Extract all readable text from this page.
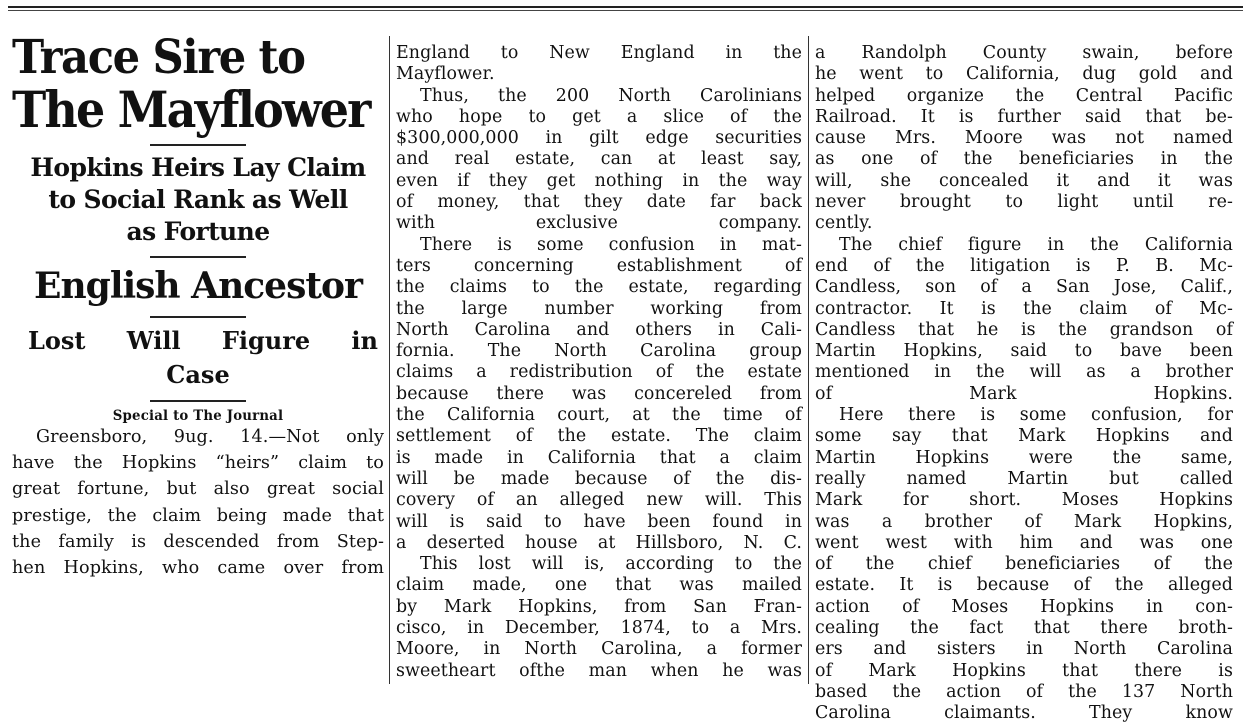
Trace Sire to
The Mayflower
Hopkins Heirs Lay Claim
to Social Rank as Well
as Fortune
English Ancestor
Lost Will Figure in
Case
Special to The Journal
Greensboro, 9ug. 14.—Not only
have the Hopkins “heirs” claim to
great fortune, but also great social
prestige, the claim being made that
the family is descended from Step-
hen Hopkins, who came over from
England to New England in the
Mayflower.
Thus, the 200 North Carolinians
who hope to get a slice of the
$300,000,000 in gilt edge securities
and real estate, can at least say,
even if they get nothing in the way
of money, that they date far back
with exclusive company.
There is some confusion in mat-
ters concerning establishment of
the claims to the estate, regarding
the large number working from
North Carolina and others in Cali-
fornia. The North Carolina group
claims a redistribution of the estate
because there was concereled from
the California court, at the time of
settlement of the estate. The claim
is made in California that a claim
will be made because of the dis-
covery of an alleged new will. This
will is said to have been found in
a deserted house at Hillsboro, N. C.
This lost will is, according to the
claim made, one that was mailed
by Mark Hopkins, from San Fran-
cisco, in December, 1874, to a Mrs.
Moore, in North Carolina, a former
sweetheart ofthe man when he was
a Randolph County swain, before
he went to California, dug gold and
helped organize the Central Pacific
Railroad. It is further said that be-
cause Mrs. Moore was not named
as one of the beneficiaries in the
will, she concealed it and it was
never brought to light until re-
cently.
The chief figure in the California
end of the litigation is P. B. Mc-
Candless, son of a San Jose, Calif.,
contractor. It is the claim of Mc-
Candless that he is the grandson of
Martin Hopkins, said to bave been
mentioned in the will as a brother
of Mark Hopkins.
Here there is some confusion, for
some say that Mark Hopkins and
Martin Hopkins were the same,
really named Martin but called
Mark for short. Moses Hopkins
was a brother of Mark Hopkins,
went west with him and was one
of the chief beneficiaries of the
estate. It is because of the alleged
action of Moses Hopkins in con-
cealing the fact that there broth-
ers and sisters in North Carolina
of Mark Hopkins that there is
based the action of the 137 North
Carolina claimants. They know
